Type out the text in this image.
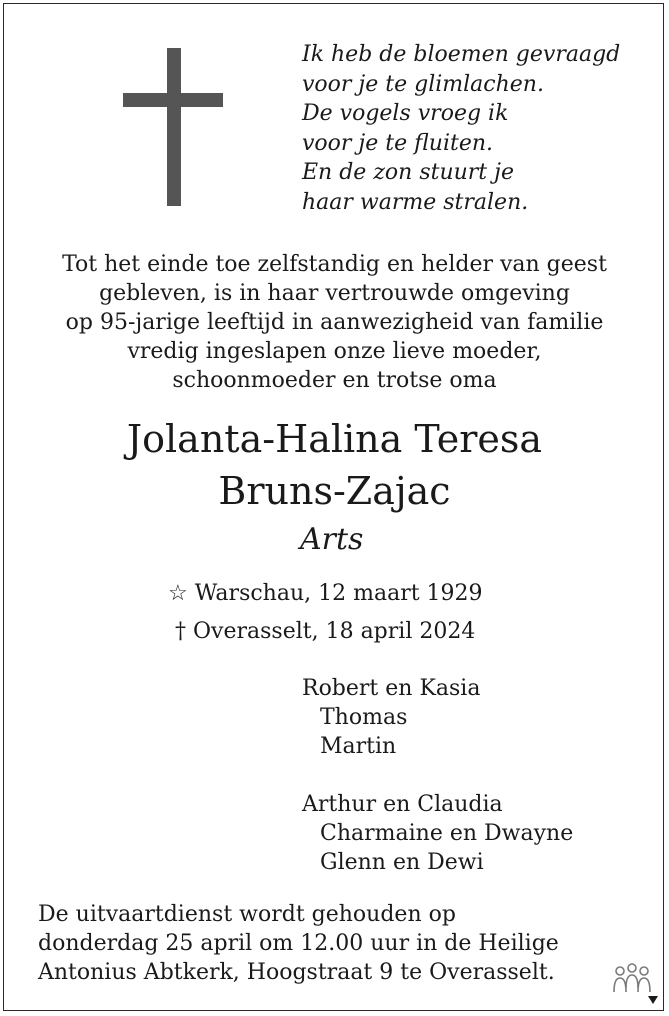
Ik heb de bloemen gevraagd
voor je te glimlachen.
De vogels vroeg ik
voor je te fluiten.
En de zon stuurt je
haar warme stralen.
Tot het einde toe zelfstandig en helder van geest
gebleven, is in haar vertrouwde omgeving
op 95-jarige leeftijd in aanwezigheid van familie
vredig ingeslapen onze lieve moeder,
schoonmoeder en trotse oma
Jolanta-Halina Teresa
Bruns-Zajac
Arts
☆ Warschau, 12 maart 1929
† Overasselt, 18 april 2024
Robert en Kasia
Thomas
Martin
Arthur en Claudia
Charmaine en Dwayne
Glenn en Dewi
De uitvaartdienst wordt gehouden op
donderdag 25 april om 12.00 uur in de Heilige
Antonius Abtkerk, Hoogstraat 9 te Overasselt.
